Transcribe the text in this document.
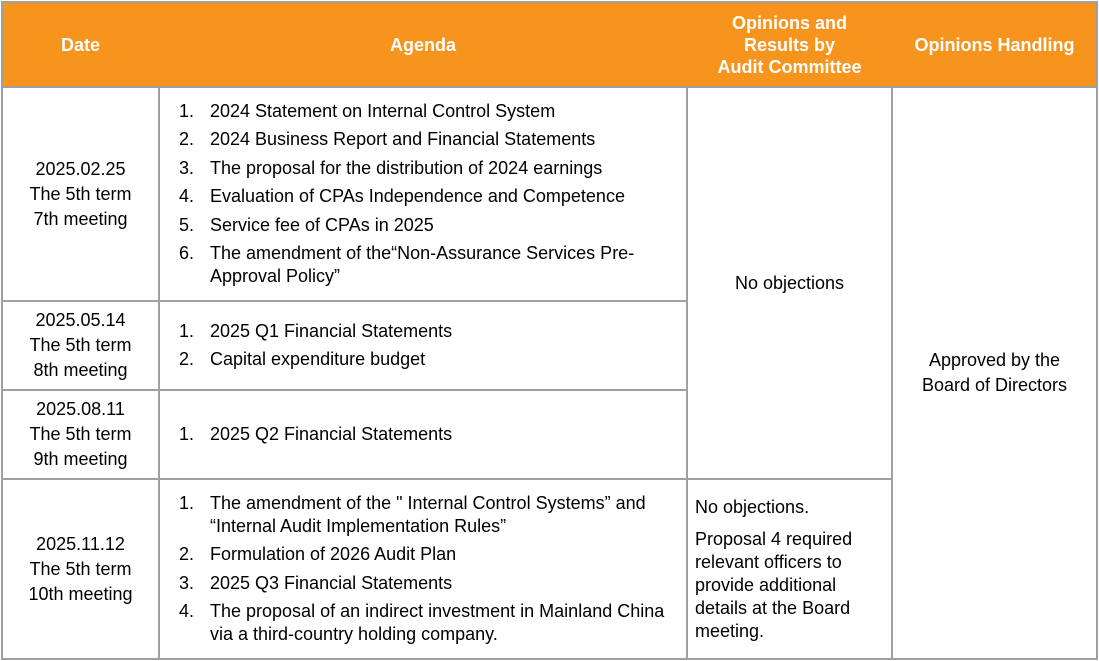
Date	Agenda
Opinions and
Results by
Audit Committee
Opinions Handling
2025.02.25
The 5th term
7th meeting
1. 2024 Statement on Internal Control System
2. 2024 Business Report and Financial Statements
3. The proposal for the distribution of 2024 earnings
4. Evaluation of CPAs Independence and Competence
5. Service fee of CPAs in 2025
6. The amendment of the“Non-Assurance Services Pre-Approval Policy”
2025.05.14
The 5th term
8th meeting
1. 2025 Q1 Financial Statements
2. Capital expenditure budget
2025.08.11
The 5th term
9th meeting
1. 2025 Q2 Financial Statements
No objections
2025.11.12
The 5th term
10th meeting
1. The amendment of the " Internal Control Systems” and “Internal Audit Implementation Rules”
2. Formulation of 2026 Audit Plan
3. 2025 Q3 Financial Statements
4. The proposal of an indirect investment in Mainland China via a third-country holding company.

No objections.

Proposal 4 required relevant officers to provide additional details at the Board meeting.

Approved by the
Board of Directors
